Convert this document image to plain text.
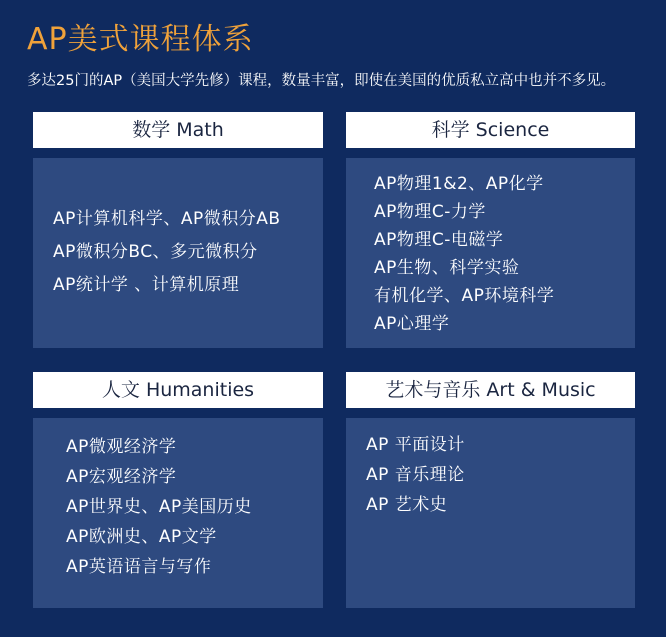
AP美式课程体系
多达25门的AP（美国大学先修）课程，数量丰富，即使在美国的优质私立高中也并不多见。
数学 Math
AP计算机科学、AP微积分AB
AP微积分BC、多元微积分
AP统计学 、计算机原理
科学 Science
AP物理1&2、AP化学
AP物理C-力学
AP物理C-电磁学
AP生物、科学实验
有机化学、AP环境科学
AP心理学
人文 Humanities
AP微观经济学
AP宏观经济学
AP世界史、AP美国历史
AP欧洲史、AP文学
AP英语语言与写作
艺术与音乐 Art & Music
AP 平面设计
AP 音乐理论
AP 艺术史
